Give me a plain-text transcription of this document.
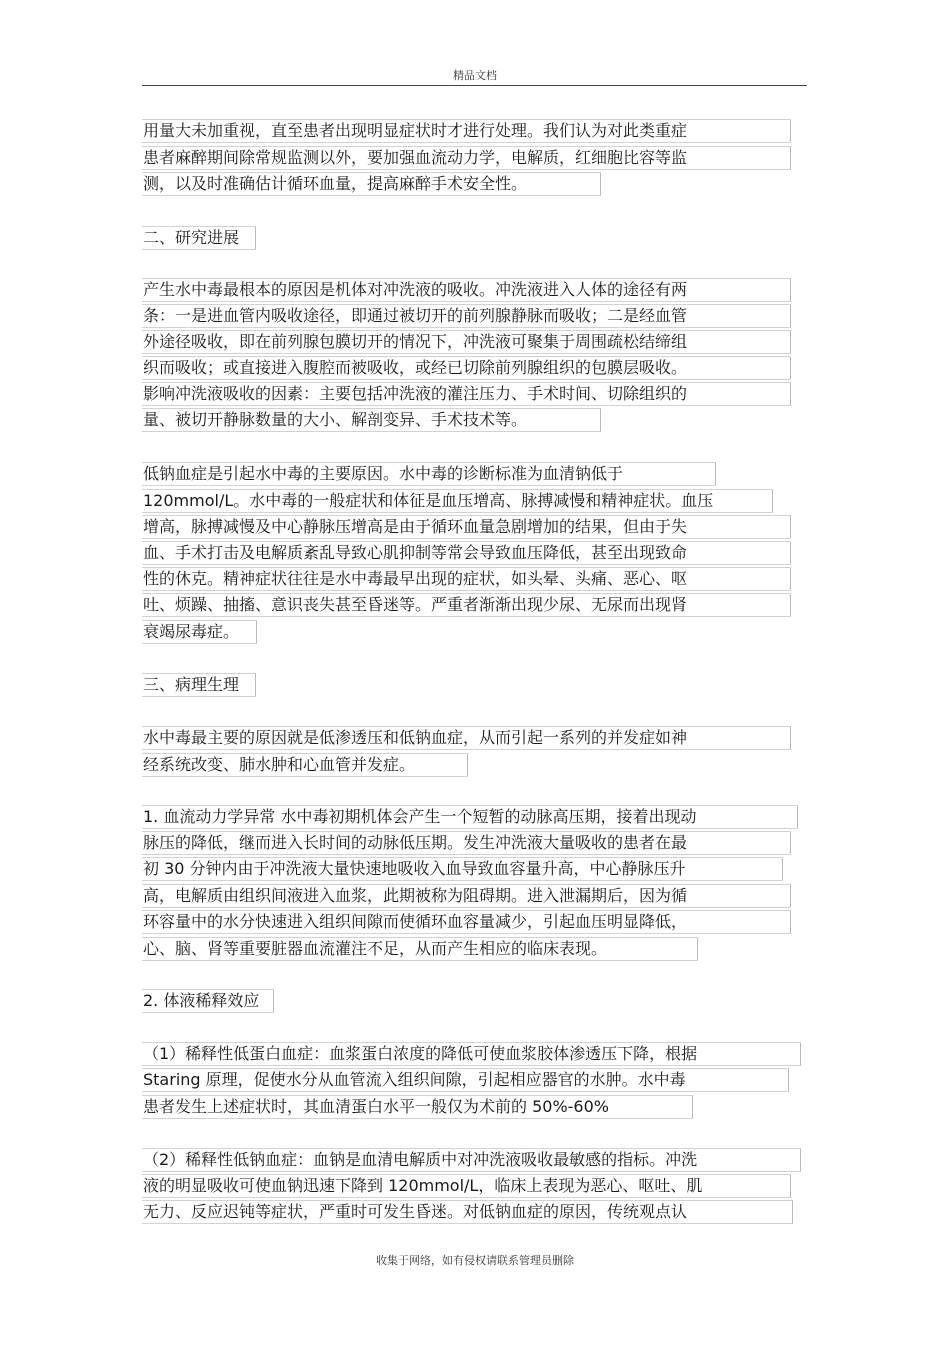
精品文档
用量大未加重视，直至患者出现明显症状时才进行处理。我们认为对此类重症
患者麻醉期间除常规监测以外，要加强血流动力学，电解质，红细胞比容等监
测，以及时准确估计循环血量，提高麻醉手术安全性。
二、研究进展
产生水中毒最根本的原因是机体对冲洗液的吸收。冲洗液进入人体的途径有两
条：一是进血管内吸收途径，即通过被切开的前列腺静脉而吸收；二是经血管
外途径吸收，即在前列腺包膜切开的情况下，冲洗液可聚集于周围疏松结缔组
织而吸收；或直接进入腹腔而被吸收，或经已切除前列腺组织的包膜层吸收。
影响冲洗液吸收的因素：主要包括冲洗液的灌注压力、手术时间、切除组织的
量、被切开静脉数量的大小、解剖变异、手术技术等。
低钠血症是引起水中毒的主要原因。水中毒的诊断标准为血清钠低于
120mmol/L。水中毒的一般症状和体征是血压增高、脉搏减慢和精神症状。血压
增高，脉搏减慢及中心静脉压增高是由于循环血量急剧增加的结果，但由于失
血、手术打击及电解质紊乱导致心肌抑制等常会导致血压降低，甚至出现致命
性的休克。精神症状往往是水中毒最早出现的症状，如头晕、头痛、恶心、呕
吐、烦躁、抽搐、意识丧失甚至昏迷等。严重者渐渐出现少尿、无尿而出现肾
衰竭尿毒症。
三、病理生理
水中毒最主要的原因就是低渗透压和低钠血症，从而引起一系列的并发症如神
经系统改变、肺水肿和心血管并发症。
1. 血流动力学异常 水中毒初期机体会产生一个短暂的动脉高压期，接着出现动
脉压的降低，继而进入长时间的动脉低压期。发生冲洗液大量吸收的患者在最
初 30 分钟内由于冲洗液大量快速地吸收入血导致血容量升高，中心静脉压升
高，电解质由组织间液进入血浆，此期被称为阻碍期。进入泄漏期后，因为循
环容量中的水分快速进入组织间隙而使循环血容量减少，引起血压明显降低，
心、脑、肾等重要脏器血流灌注不足，从而产生相应的临床表现。
2. 体液稀释效应
（1）稀释性低蛋白血症：血浆蛋白浓度的降低可使血浆胶体渗透压下降，根据
Staring 原理，促使水分从血管流入组织间隙，引起相应器官的水肿。水中毒
患者发生上述症状时，其血清蛋白水平一般仅为术前的 50%-60%
（2）稀释性低钠血症：血钠是血清电解质中对冲洗液吸收最敏感的指标。冲洗
液的明显吸收可使血钠迅速下降到 120mmol/L，临床上表现为恶心、呕吐、肌
无力、反应迟钝等症状，严重时可发生昏迷。对低钠血症的原因，传统观点认
收集于网络，如有侵权请联系管理员删除
